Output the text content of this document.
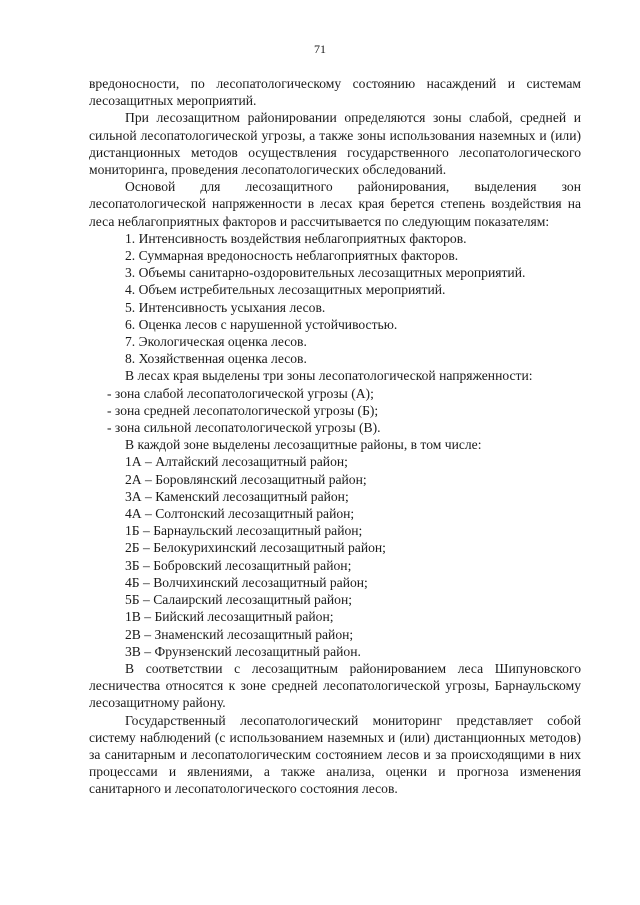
71

вредоносности, по лесопатологическому состоянию насаждений и системам лесозащитных мероприятий.

При лесозащитном районировании определяются зоны слабой, средней и сильной лесопатологической угрозы, а также зоны использования наземных и (или) дистанционных методов осуществления государственного лесопатологического мониторинга, проведения лесопатологических обследований.

Основой для лесозащитного районирования, выделения зон лесопатологической напряженности в лесах края берется степень воздействия на леса неблагоприятных факторов и рассчитывается по следующим показателям:

1. Интенсивность воздействия неблагоприятных факторов.

2. Суммарная вредоносность неблагоприятных факторов.

3. Объемы санитарно-оздоровительных лесозащитных мероприятий.

4. Объем истребительных лесозащитных мероприятий.

5. Интенсивность усыхания лесов.

6. Оценка лесов с нарушенной устойчивостью.

7. Экологическая оценка лесов.

8. Хозяйственная оценка лесов.

В лесах края выделены три зоны лесопатологической напряженности:

- зона слабой лесопатологической угрозы (А);

- зона средней лесопатологической угрозы (Б);

- зона сильной лесопатологической угрозы (В).

В каждой зоне выделены лесозащитные районы, в том числе:

1А – Алтайский лесозащитный район;

2А – Боровлянский лесозащитный район;

3А – Каменский лесозащитный район;

4А – Солтонский лесозащитный район;

1Б – Барнаульский лесозащитный район;

2Б – Белокурихинский лесозащитный район;

3Б – Бобровский лесозащитный район;

4Б – Волчихинский лесозащитный район;

5Б – Салаирский лесозащитный район;

1В – Бийский лесозащитный район;

2В – Знаменский лесозащитный район;

3В – Фрунзенский лесозащитный район.

В соответствии с лесозащитным районированием леса Шипуновского лесничества относятся к зоне средней лесопатологической угрозы, Барнаульскому лесозащитному району.

Государственный лесопатологический мониторинг представляет собой систему наблюдений (с использованием наземных и (или) дистанционных методов) за санитарным и лесопатологическим состоянием лесов и за происходящими в них процессами и явлениями, а также анализа, оценки и прогноза изменения санитарного и лесопатологического состояния лесов.
